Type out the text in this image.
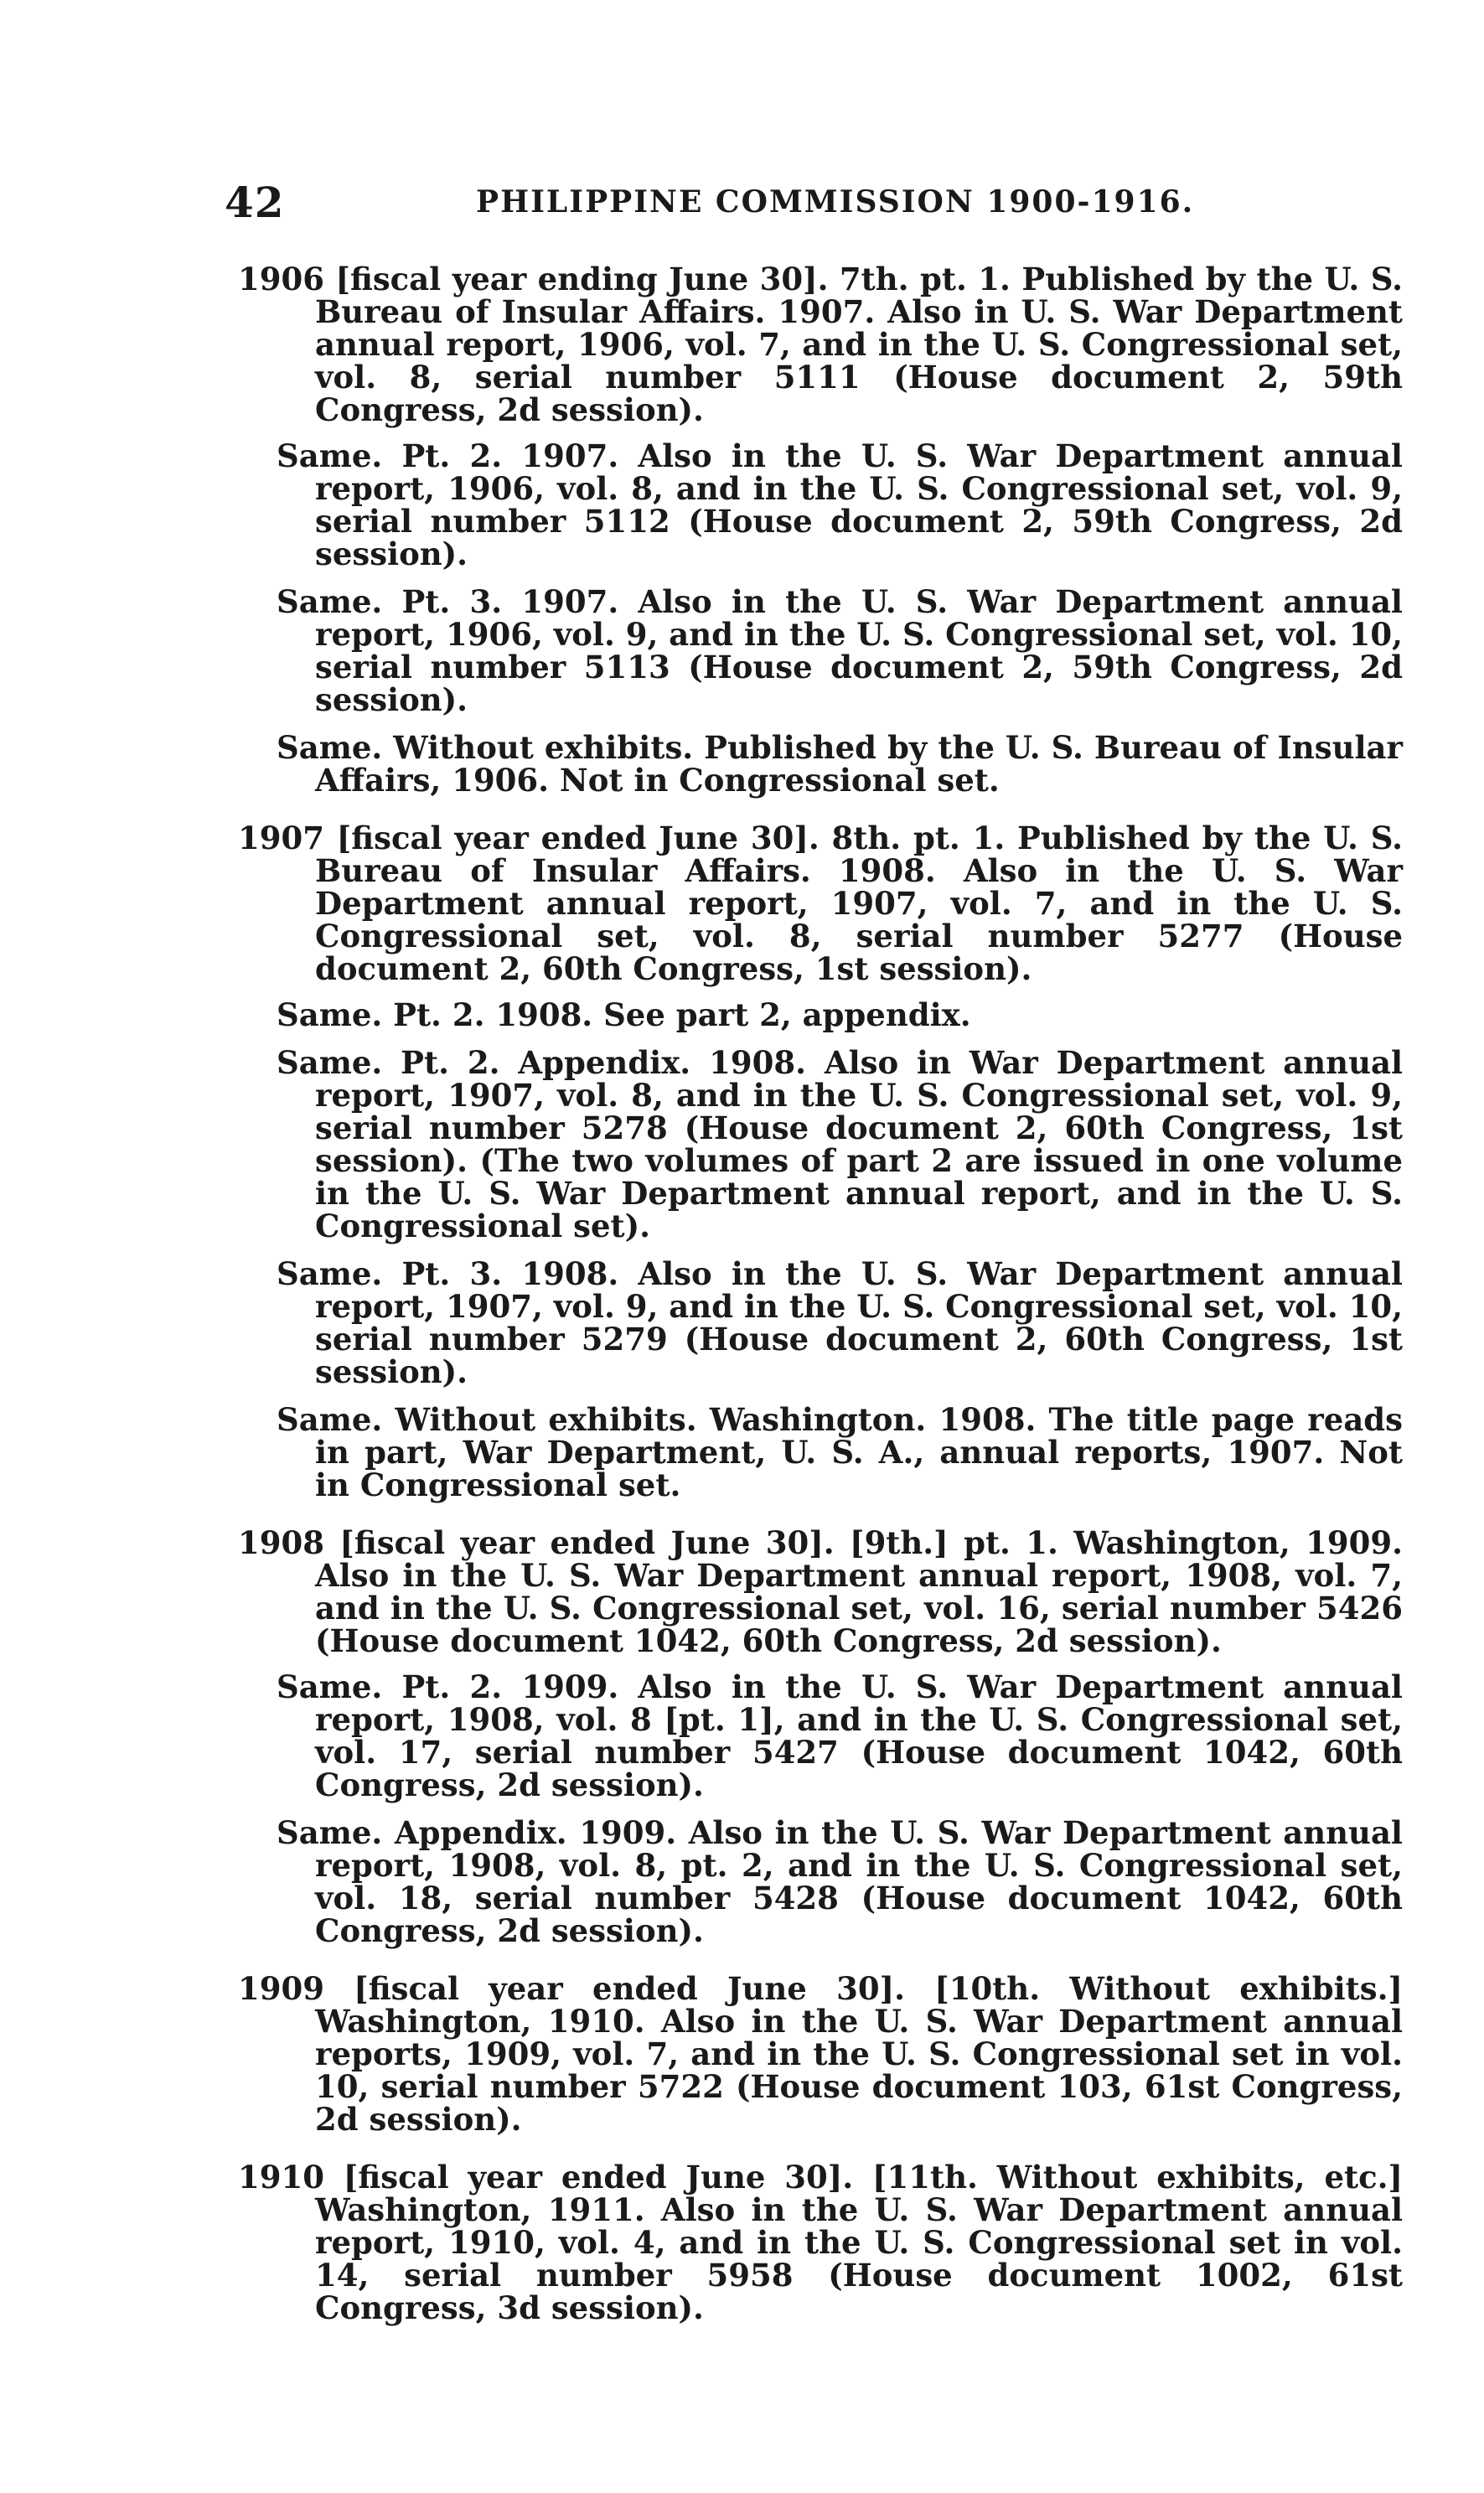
42	PHILIPPINE COMMISSION 1900-1916.

1906 [fiscal year ending June 30]. 7th. pt. 1. Published by the U. S. Bureau of Insular Affairs. 1907. Also in U. S. War Department annual report, 1906, vol. 7, and in the U. S. Congressional set, vol. 8, serial number 5111 (House document 2, 59th Congress, 2d session).

Same. Pt. 2. 1907. Also in the U. S. War Department annual report, 1906, vol. 8, and in the U. S. Congressional set, vol. 9, serial number 5112 (House document 2, 59th Congress, 2d session).

Same. Pt. 3. 1907. Also in the U. S. War Department annual report, 1906, vol. 9, and in the U. S. Congressional set, vol. 10, serial number 5113 (House document 2, 59th Congress, 2d session).

Same. Without exhibits. Published by the U. S. Bureau of Insular Affairs, 1906. Not in Congressional set.

1907 [fiscal year ended June 30]. 8th. pt. 1. Published by the U. S. Bureau of Insular Affairs. 1908. Also in the U. S. War Department annual report, 1907, vol. 7, and in the U. S. Congressional set, vol. 8, serial number 5277 (House document 2, 60th Congress, 1st session).

Same. Pt. 2. 1908. See part 2, appendix.

Same. Pt. 2. Appendix. 1908. Also in War Department annual report, 1907, vol. 8, and in the U. S. Congressional set, vol. 9, serial number 5278 (House document 2, 60th Congress, 1st session). (The two volumes of part 2 are issued in one volume in the U. S. War Department annual report, and in the U. S. Congressional set).

Same. Pt. 3. 1908. Also in the U. S. War Department annual report, 1907, vol. 9, and in the U. S. Congressional set, vol. 10, serial number 5279 (House document 2, 60th Congress, 1st session).

Same. Without exhibits. Washington. 1908. The title page reads in part, War Department, U. S. A., annual reports, 1907. Not in Congressional set.

1908 [fiscal year ended June 30]. [9th.] pt. 1. Washington, 1909. Also in the U. S. War Department annual report, 1908, vol. 7, and in the U. S. Congressional set, vol. 16, serial number 5426 (House document 1042, 60th Congress, 2d session).

Same. Pt. 2. 1909. Also in the U. S. War Department annual report, 1908, vol. 8 [pt. 1], and in the U. S. Congressional set, vol. 17, serial number 5427 (House document 1042, 60th Congress, 2d session).

Same. Appendix. 1909. Also in the U. S. War Department annual report, 1908, vol. 8, pt. 2, and in the U. S. Congressional set, vol. 18, serial number 5428 (House document 1042, 60th Congress, 2d session).

1909 [fiscal year ended June 30]. [10th. Without exhibits.] Washington, 1910. Also in the U. S. War Department annual reports, 1909, vol. 7, and in the U. S. Congressional set in vol. 10, serial number 5722 (House document 103, 61st Congress, 2d session).

1910 [fiscal year ended June 30]. [11th. Without exhibits, etc.] Washington, 1911. Also in the U. S. War Department annual report, 1910, vol. 4, and in the U. S. Congressional set in vol. 14, serial number 5958 (House document 1002, 61st Congress, 3d session).
